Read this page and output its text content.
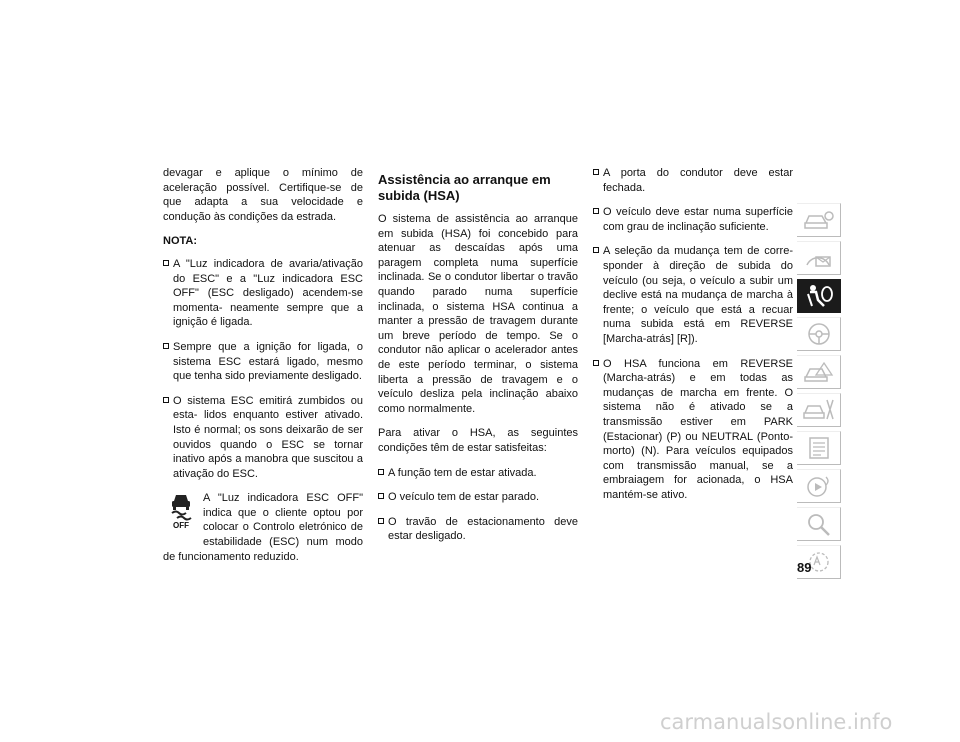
devagar e aplique o mínimo de aceleração possível. Certifique-se de que adapta a sua velocidade e condução às condições da estrada.

NOTA:
A "Luz indicadora de avaria/ativação do ESC" e a "Luz indicadora ESC OFF" (ESC desligado) acendem-se momenta- neamente sempre que a ignição é ligada.
Sempre que a ignição for ligada, o sistema ESC estará ligado, mesmo que tenha sido previamente desligado.
O sistema ESC emitirá zumbidos ou esta- lidos enquanto estiver ativado. Isto é normal; os sons deixarão de ser ouvidos quando o ESC se tornar inativo após a manobra que suscitou a ativação do ESC.
OFF

A "Luz indicadora ESC OFF" indica que o cliente optou por colocar o Controlo eletrónico de estabilidade (ESC) num modo de funcionamento reduzido.

Assistência ao arranque em subida (HSA)

O sistema de assistência ao arranque em subida (HSA) foi concebido para atenuar as descaídas após uma paragem completa numa superfície inclinada. Se o condutor libertar o travão quando parado numa superfície inclinada, o sistema HSA continua a manter a pressão de travagem durante um breve período de tempo. Se o condutor não aplicar o acelerador antes de este período terminar, o sistema liberta a pressão de travagem e o veículo desliza pela inclinação abaixo como normalmente.

Para ativar o HSA, as seguintes condições têm de estar satisfeitas:

A função tem de estar ativada.
O veículo tem de estar parado.
O travão de estacionamento deve estar desligado.
A porta do condutor deve estar fechada.
O veículo deve estar numa superfície com grau de inclinação suficiente.
A seleção da mudança tem de corre- sponder à direção de subida do veículo (ou seja, o veículo a subir um declive está na mudança de marcha à frente; o veículo que está a recuar numa subida está em REVERSE [Marcha-atrás] [R]).
O HSA funciona em REVERSE (Marcha-atrás) e em todas as mudanças de marcha em frente. O sistema não é ativado se a transmissão estiver em PARK (Estacionar) (P) ou NEUTRAL (Ponto-morto) (N). Para veículos equipados com transmissão manual, se a embraiagem for acionada, o HSA mantém-se ativo.
89
carmanualsonline.info
